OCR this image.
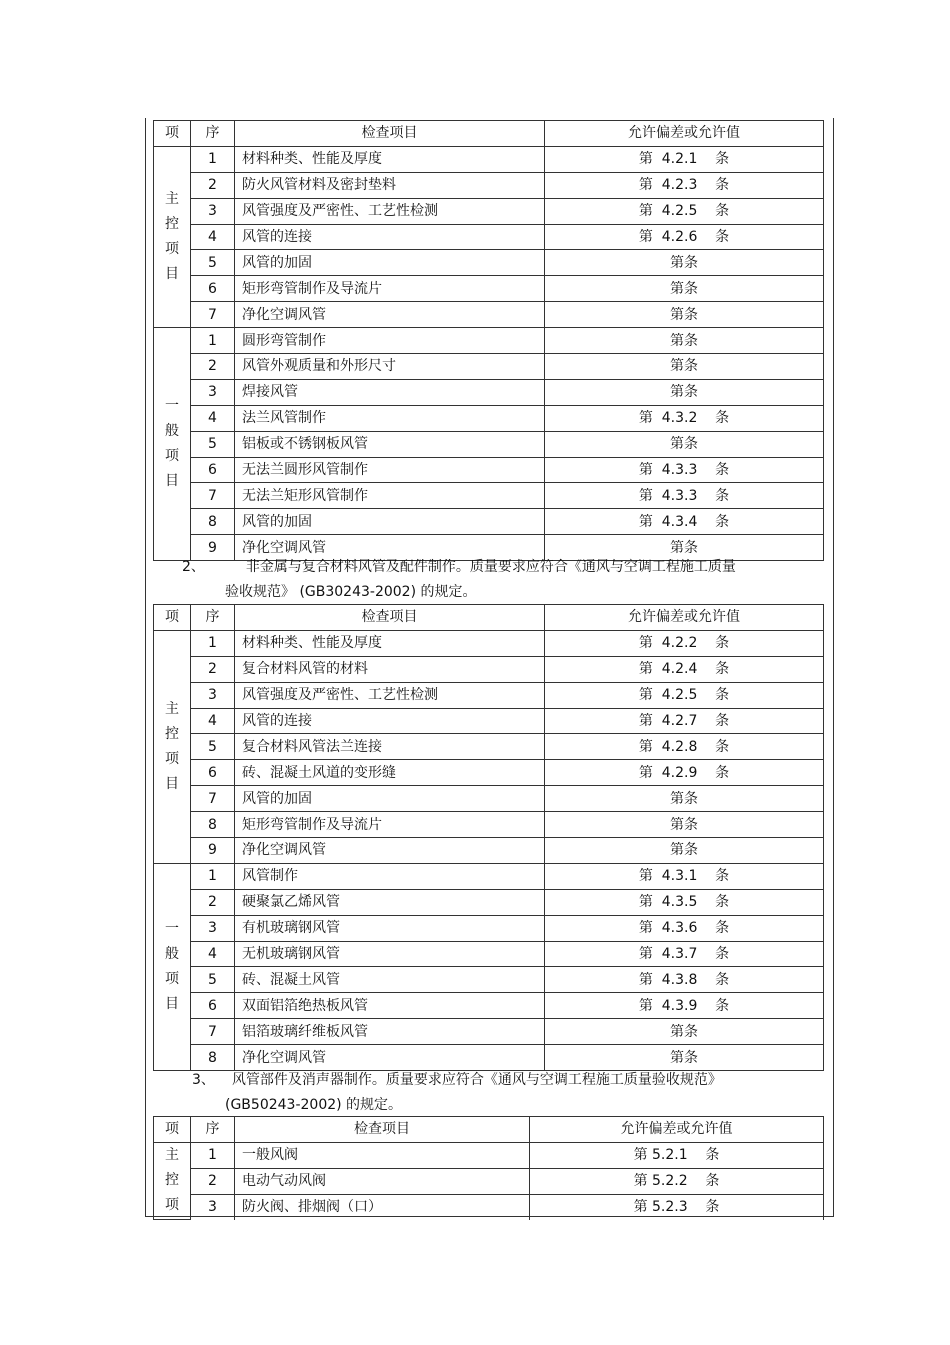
项	序	检查项目	允许偏差或允许值

主
控
项
目	1	材料种类、性能及厚度	第  4.2.1    条
	2	防火风管材料及密封垫料	第  4.2.3    条
	3	风管强度及严密性、工艺性检测	第  4.2.5    条
	4	风管的连接	第  4.2.6    条
	5	风管的加固	第条
	6	矩形弯管制作及导流片	第条
	7	净化空调风管	第条

一
般
项
目	1	圆形弯管制作	第条
	2	风管外观质量和外形尺寸	第条
	3	焊接风管	第条
	4	法兰风管制作	第  4.3.2    条
	5	铝板或不锈钢板风管	第条
	6	无法兰圆形风管制作	第  4.3.3    条
	7	无法兰矩形风管制作	第  4.3.3    条
	8	风管的加固	第  4.3.4    条
	9	净化空调风管	第条
2、	非金属与复合材料风管及配件制作。质量要求应符合《通风与空调工程施工质量
验收规范》 (GB30243-2002) 的规定。
项	序	检查项目	允许偏差或允许值

主
控
项
目	1	材料种类、性能及厚度	第  4.2.2    条
	2	复合材料风管的材料	第  4.2.4    条
	3	风管强度及严密性、工艺性检测	第  4.2.5    条
	4	风管的连接	第  4.2.7    条
	5	复合材料风管法兰连接	第  4.2.8    条
	6	砖、混凝土风道的变形缝	第  4.2.9    条
	7	风管的加固	第条
	8	矩形弯管制作及导流片	第条
	9	净化空调风管	第条

一
般
项
目	1	风管制作	第  4.3.1    条
	2	硬聚氯乙烯风管	第  4.3.5    条
	3	有机玻璃钢风管	第  4.3.6    条
	4	无机玻璃钢风管	第  4.3.7    条
	5	砖、混凝土风管	第  4.3.8    条
	6	双面铝箔绝热板风管	第  4.3.9    条
	7	铝箔玻璃纤维板风管	第条
	8	净化空调风管	第条
3、 风管部件及消声器制作。质量要求应符合《通风与空调工程施工质量验收规范》
(GB50243-2002) 的规定。
项	序	检查项目	允许偏差或允许值

主
控
项	1	一般风阀	第 5.2.1    条
	2	电动气动风阀	第 5.2.2    条
	3	防火阀、排烟阀（口）	第 5.2.3    条
